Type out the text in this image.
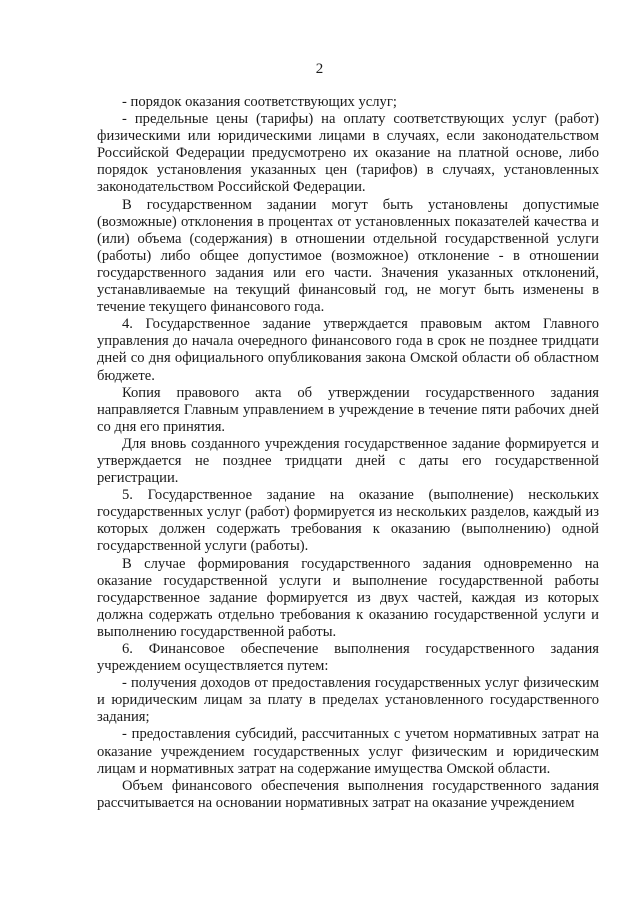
2

- порядок оказания соответствующих услуг;

- предельные цены (тарифы) на оплату соответствующих услуг (работ) физическими или юридическими лицами в случаях, если законодательством Российской Федерации предусмотрено их оказание на платной основе, либо порядок установления указанных цен (тарифов) в случаях, установленных законодательством Российской Федерации.

В государственном задании могут быть установлены допустимые (возможные) отклонения в процентах от установленных показателей качества и (или) объема (содержания) в отношении отдельной государственной услуги (работы) либо общее допустимое (возможное) отклонение - в отношении государственного задания или его части. Значения указанных отклонений, устанавливаемые на текущий финансовый год, не могут быть изменены в течение текущего финансового года.

4. Государственное задание утверждается правовым актом Главного управления до начала очередного финансового года в срок не позднее тридцати дней со дня официального опубликования закона Омской области об областном бюджете.

Копия правового акта об утверждении государственного задания направляется Главным управлением в учреждение в течение пяти рабочих дней со дня его принятия.

Для вновь созданного учреждения государственное задание формируется и утверждается не позднее тридцати дней с даты его государственной регистрации.

5. Государственное задание на оказание (выполнение) нескольких государственных услуг (работ) формируется из нескольких разделов, каждый из которых должен содержать требования к оказанию (выполнению) одной государственной услуги (работы).

В случае формирования государственного задания одновременно на оказание государственной услуги и выполнение государственной работы государственное задание формируется из двух частей, каждая из которых должна содержать отдельно требования к оказанию государственной услуги и выполнению государственной работы.

6. Финансовое обеспечение выполнения государственного задания учреждением осуществляется путем:

- получения доходов от предоставления государственных услуг физическим и юридическим лицам за плату в пределах установленного государственного задания;

- предоставления субсидий, рассчитанных с учетом нормативных затрат на оказание учреждением государственных услуг физическим и юридическим лицам и нормативных затрат на содержание имущества Омской области.

Объем финансового обеспечения выполнения государственного задания рассчитывается на основании нормативных затрат на оказание учреждением
